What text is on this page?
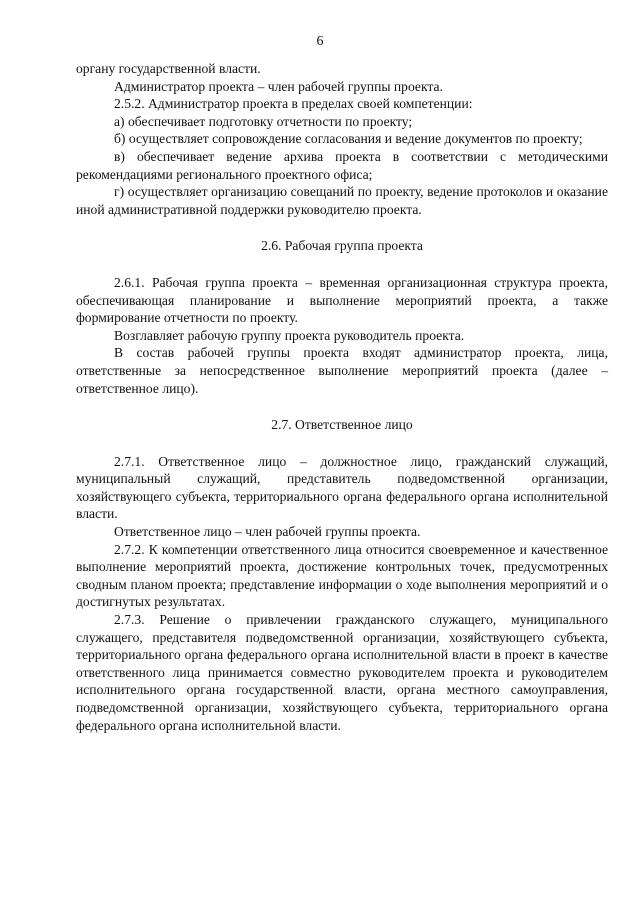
6

органу государственной власти.

Администратор проекта – член рабочей группы проекта.

2.5.2. Администратор проекта в пределах своей компетенции:

а) обеспечивает подготовку отчетности по проекту;

б) осуществляет сопровождение согласования и ведение документов по проекту;

в) обеспечивает ведение архива проекта в соответствии с методическими рекомендациями регионального проектного офиса;

г) осуществляет организацию совещаний по проекту, ведение протоколов и оказание иной административной поддержки руководителю проекта.

2.6. Рабочая группа проекта

2.6.1. Рабочая группа проекта – временная организационная структура проекта, обеспечивающая планирование и выполнение мероприятий проекта, а также формирование отчетности по проекту.

Возглавляет рабочую группу проекта руководитель проекта.

В состав рабочей группы проекта входят администратор проекта, лица, ответственные за непосредственное выполнение мероприятий проекта (далее – ответственное лицо).

2.7. Ответственное лицо

2.7.1. Ответственное лицо – должностное лицо, гражданский служащий, муниципальный служащий, представитель подведомственной организации, хозяйствующего субъекта, территориального органа федерального органа исполнительной власти.

Ответственное лицо – член рабочей группы проекта.

2.7.2. К компетенции ответственного лица относится своевременное и качественное выполнение мероприятий проекта, достижение контрольных точек, предусмотренных сводным планом проекта; представление информации о ходе выполнения мероприятий и о достигнутых результатах.

2.7.3. Решение о привлечении гражданского служащего, муниципального служащего, представителя подведомственной организации, хозяйствующего субъекта, территориального органа федерального органа исполнительной власти в проект в качестве ответственного лица принимается совместно руководителем проекта и руководителем исполнительного органа государственной власти, органа местного самоуправления, подведомственной организации, хозяйствующего субъекта, территориального органа федерального органа исполнительной власти.
